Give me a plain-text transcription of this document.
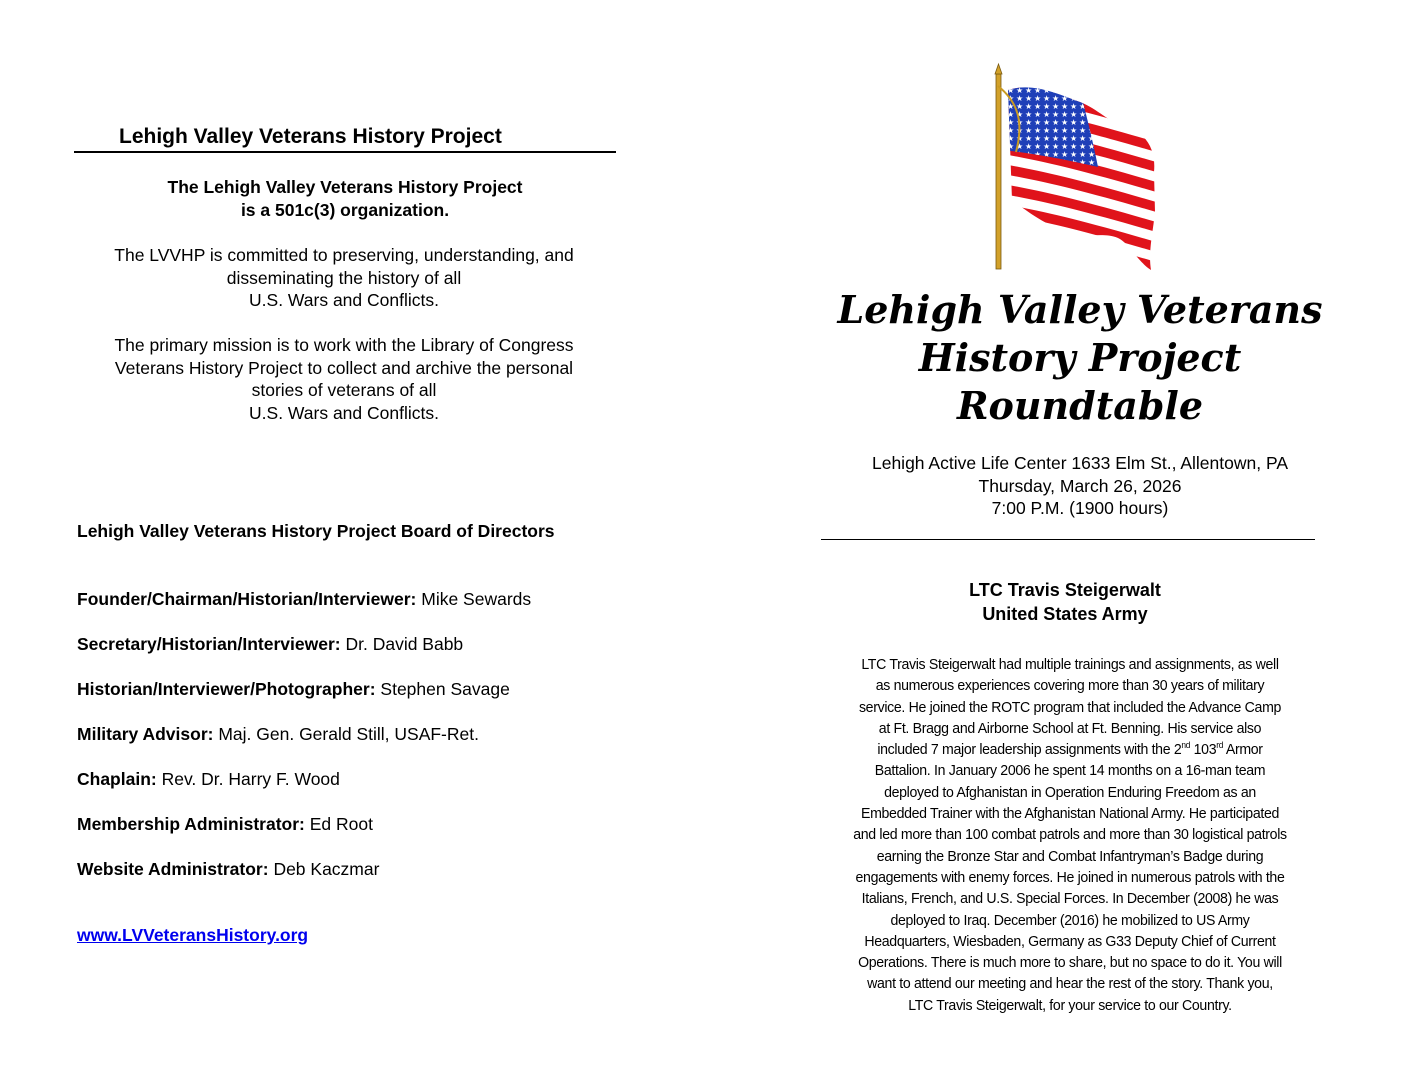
Lehigh Valley Veterans History Project
The Lehigh Valley Veterans History Project
is a 501c(3) organization.
The LVVHP is committed to preserving, understanding, and
disseminating the history of all
U.S. Wars and Conflicts.
The primary mission is to work with the Library of Congress
Veterans History Project to collect and archive the personal
stories of veterans of all
U.S. Wars and Conflicts.
Lehigh Valley Veterans History Project Board of Directors
Founder/Chairman/Historian/Interviewer: Mike Sewards
Secretary/Historian/Interviewer: Dr. David Babb
Historian/Interviewer/Photographer: Stephen Savage
Military Advisor: Maj. Gen. Gerald Still, USAF-Ret.
Chaplain: Rev. Dr. Harry F. Wood
Membership Administrator: Ed Root
Website Administrator: Deb Kaczmar
www.LVVeteransHistory.org
Lehigh Valley Veterans
History Project
Roundtable
Lehigh Active Life Center 1633 Elm St., Allentown, PA
Thursday, March 26, 2026
7:00 P.M. (1900 hours)
LTC Travis Steigerwalt
United States Army
LTC Travis Steigerwalt had multiple trainings and assignments, as well
as numerous experiences covering more than 30 years of military
service. He joined the ROTC program that included the Advance Camp
at Ft. Bragg and Airborne School at Ft. Benning. His service also
included 7 major leadership assignments with the 2nd 103rd Armor
Battalion. In January 2006 he spent 14 months on a 16-man team
deployed to Afghanistan in Operation Enduring Freedom as an
Embedded Trainer with the Afghanistan National Army. He participated
and led more than 100 combat patrols and more than 30 logistical patrols
earning the Bronze Star and Combat Infantryman’s Badge during
engagements with enemy forces. He joined in numerous patrols with the
Italians, French, and U.S. Special Forces. In December (2008) he was
deployed to Iraq. December (2016) he mobilized to US Army
Headquarters, Wiesbaden, Germany as G33 Deputy Chief of Current
Operations. There is much more to share, but no space to do it. You will
want to attend our meeting and hear the rest of the story. Thank you,
LTC Travis Steigerwalt, for your service to our Country.
